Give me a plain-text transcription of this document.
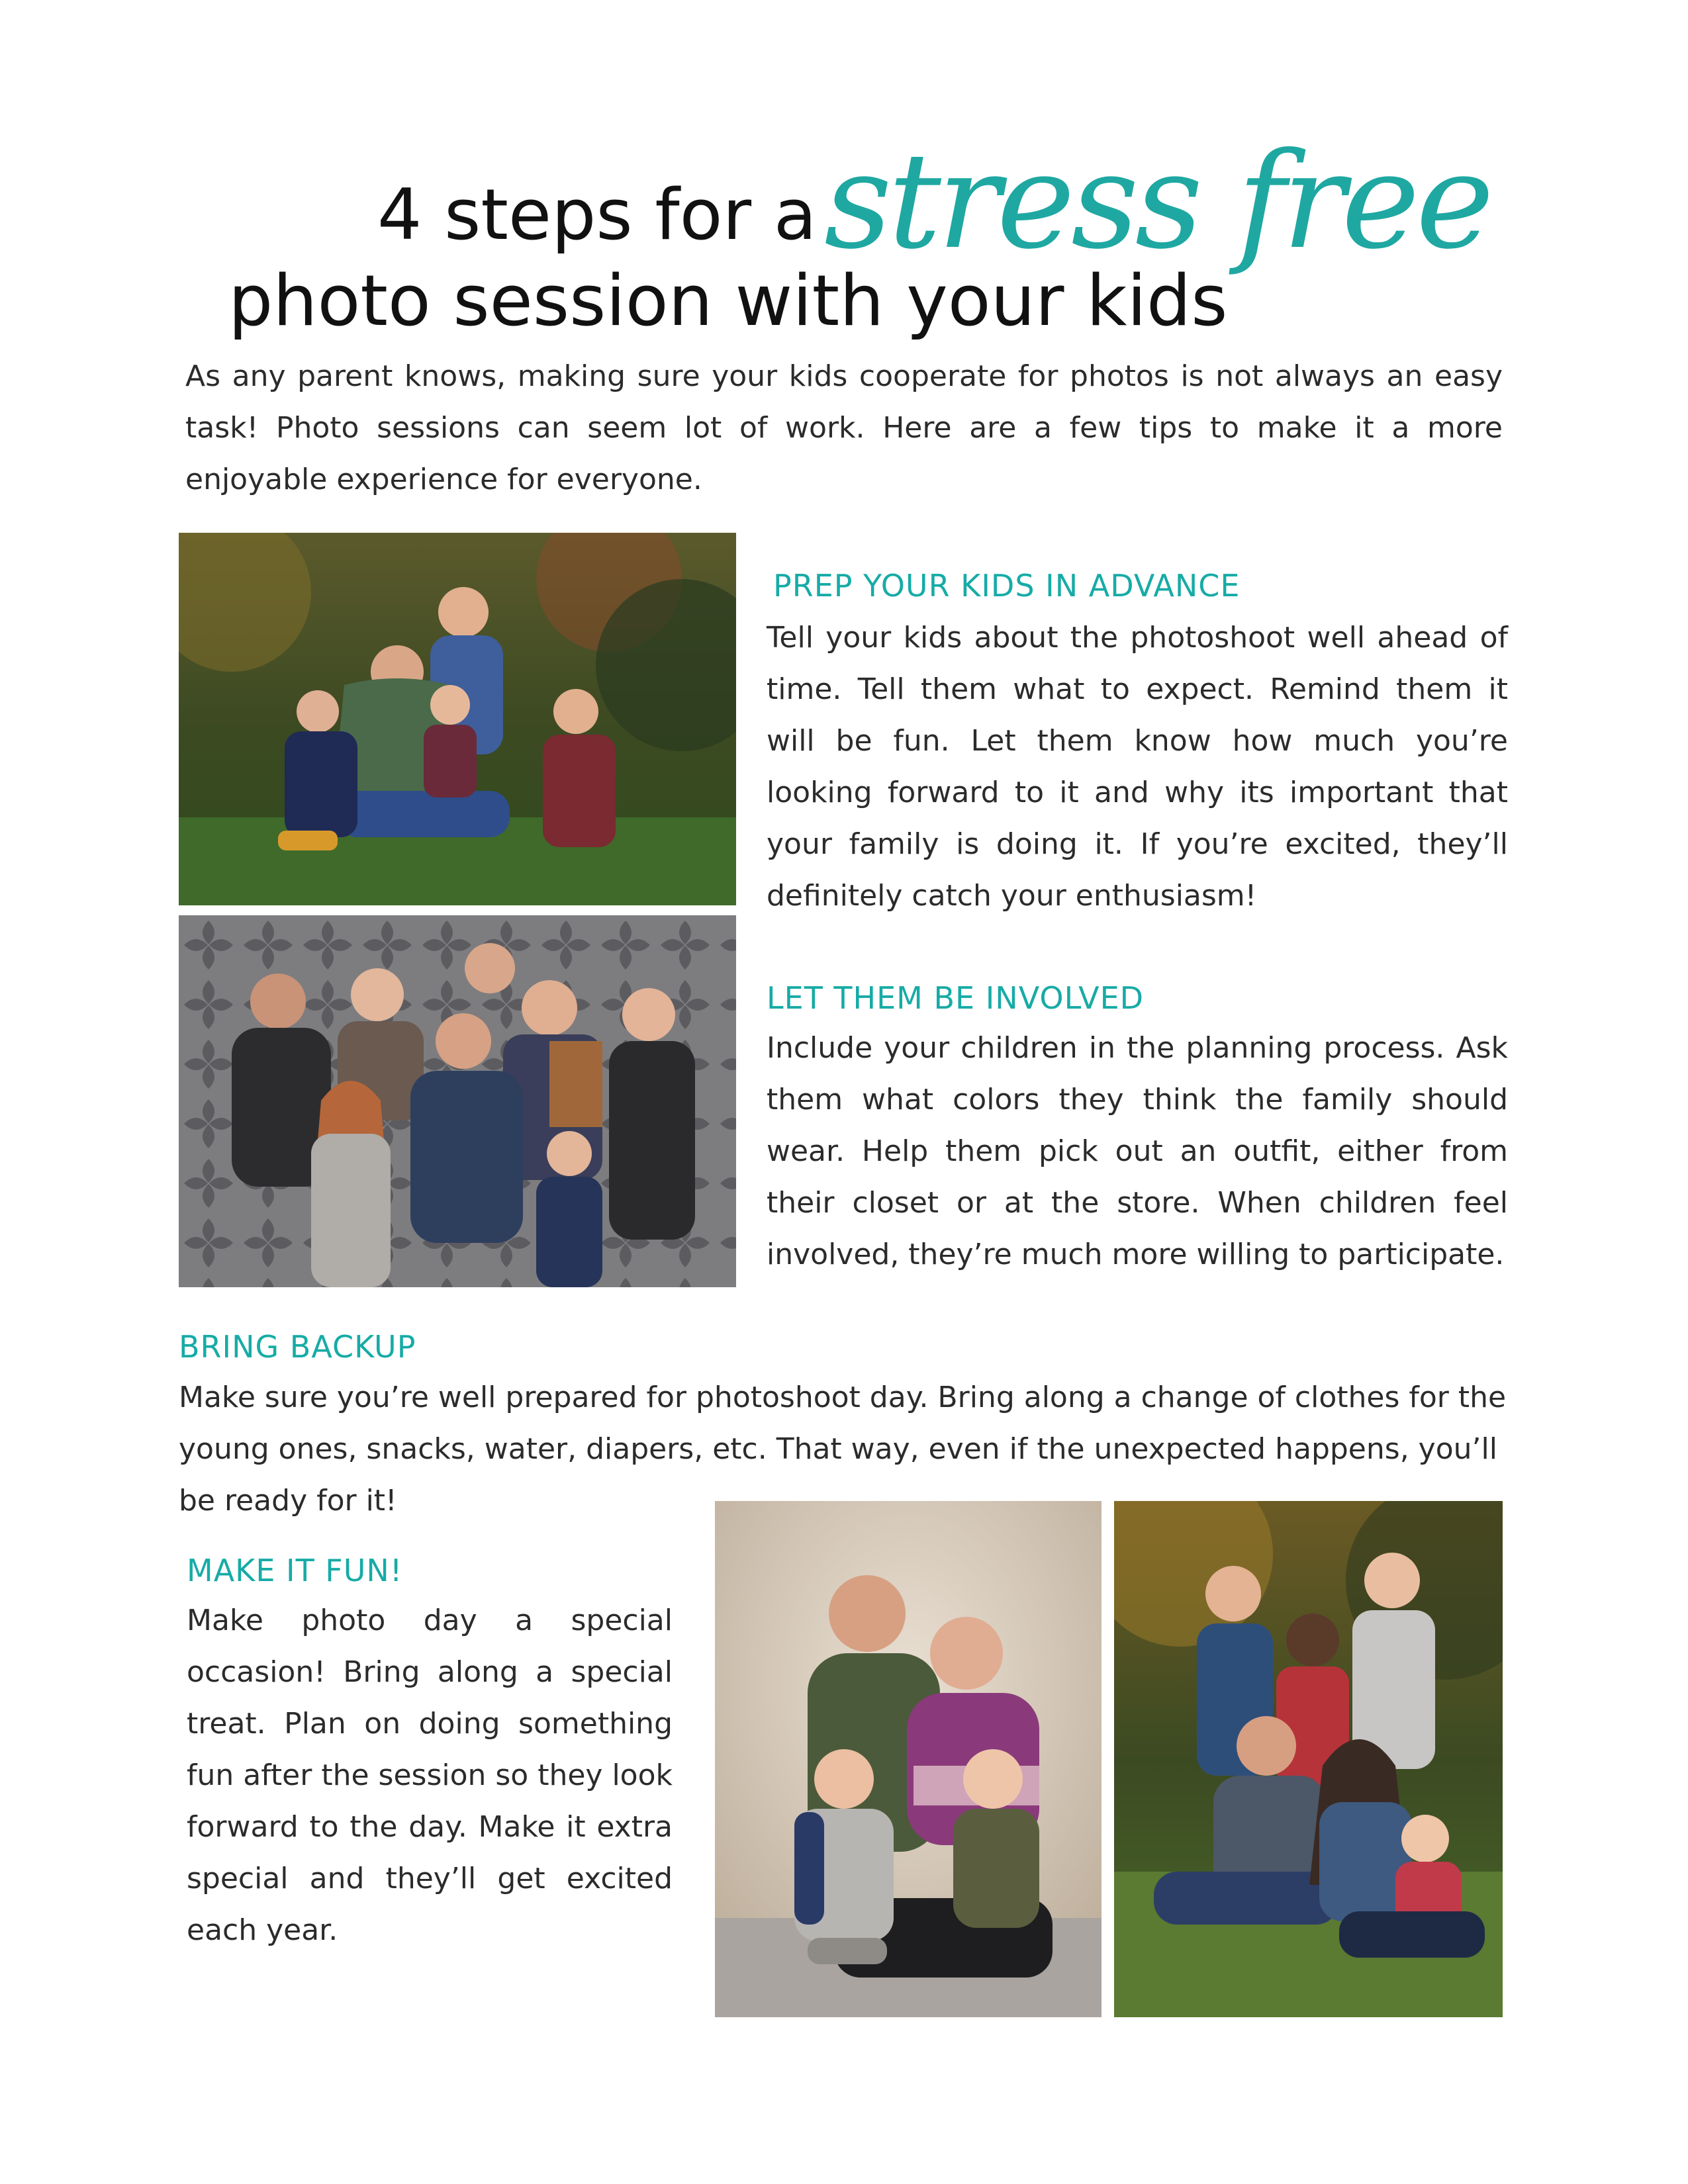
4 steps for a
photo session with your kids
stress free
As any parent knows, making sure your kids cooperate for photos is not always an easy task! Photo sessions can seem lot of work. Here are a few tips to make it a more enjoyable experience for everyone.
PREP YOUR KIDS IN ADVANCE
Tell your kids about the photoshoot well ahead of time. Tell them what to expect. Remind them it will be fun. Let them know how much you’re looking forward to it and why its important that your family is doing it. If you’re excited, they’ll definitely catch your enthusiasm!
LET THEM BE INVOLVED
Include your children in the planning process. Ask them what colors they think the family should wear. Help them pick out an outfit, either from their closet or at the store. When children feel involved, they’re much more willing to participate.
BRING BACKUP
Make sure you’re well prepared for photoshoot day. Bring along a change of clothes for the young ones, snacks, water, diapers, etc. That way, even if the unexpected happens, you’ll be ready for it!
MAKE IT FUN!
Make photo day a special occasion! Bring along a special treat. Plan on doing something fun after the session so they look forward to the day. Make it extra special and they’ll get excited each year.
